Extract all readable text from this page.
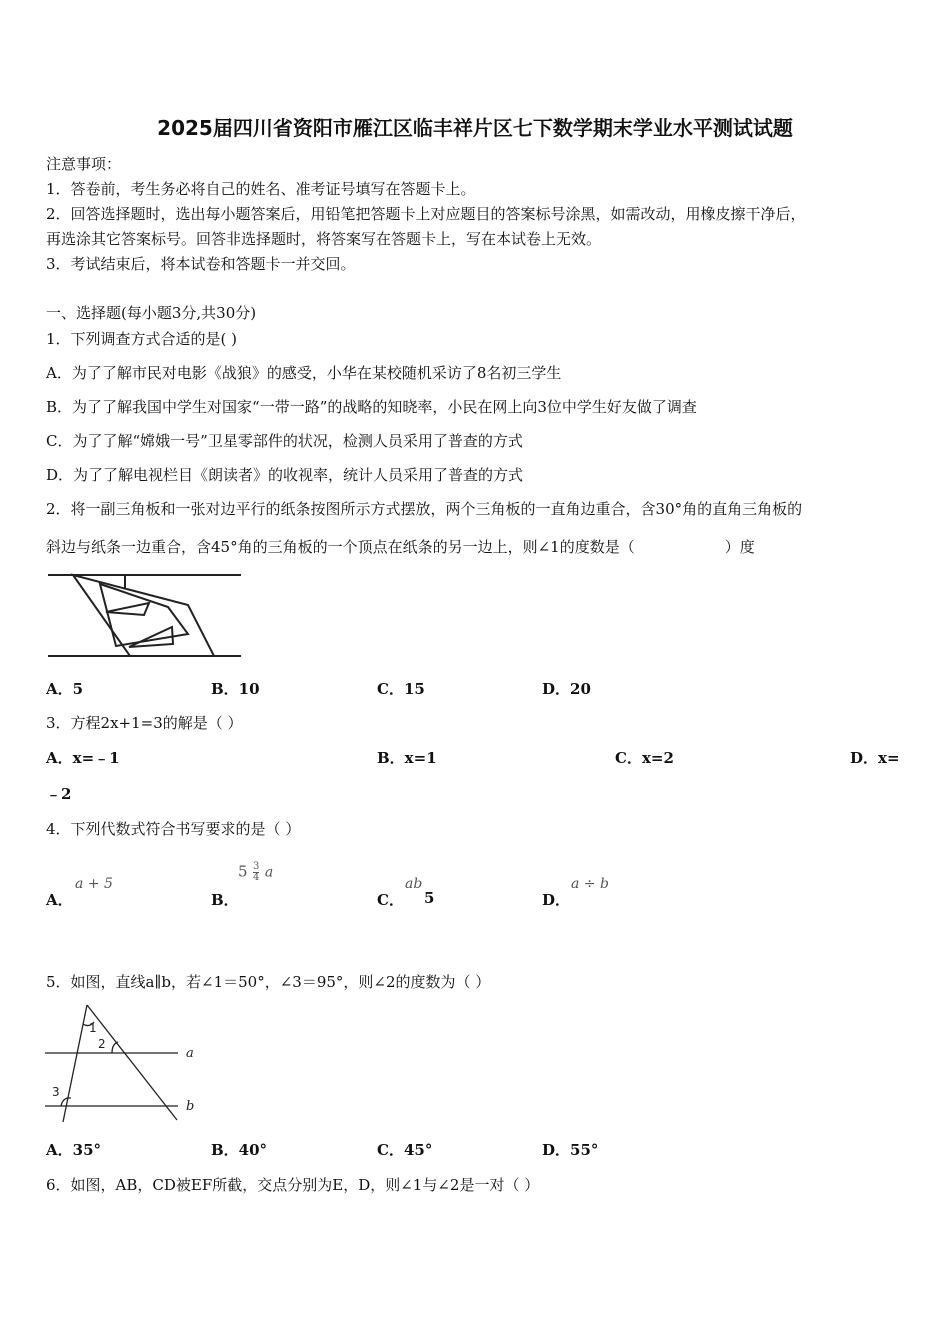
2025届四川省资阳市雁江区临丰祥片区七下数学期末学业水平测试试题
注意事项：
1．答卷前，考生务必将自己的姓名、准考证号填写在答题卡上。
2．回答选择题时，选出每小题答案后，用铅笔把答题卡上对应题目的答案标号涂黑，如需改动，用橡皮擦干净后，
再选涂其它答案标号。回答非选择题时，将答案写在答题卡上，写在本试卷上无效。
3．考试结束后，将本试卷和答题卡一并交回。
一、选择题(每小题3分,共30分)
1．下列调查方式合适的是( )
A．为了了解市民对电影《战狼》的感受，小华在某校随机采访了8名初三学生
B．为了了解我国中学生对国家“一带一路”的战略的知晓率，小民在网上向3位中学生好友做了调查
C．为了了解“嫦娥一号”卫星零部件的状况，检测人员采用了普查的方式
D．为了了解电视栏目《朗读者》的收视率，统计人员采用了普查的方式
2．将一副三角板和一张对边平行的纸条按图所示方式摆放，两个三角板的一直角边重合，含30°角的直角三角板的
斜边与纸条一边重合，含45°角的三角板的一个顶点在纸条的另一边上，则∠1的度数是（	）度
A．5	B．10	C．15	D．20
3．方程2x+1=3的解是（ ）
A．x=﹣1	B．x=1	C．x=2	D．x=
﹣2
4．下列代数式符合书写要求的是（ ）
A．
a + 5
B．
$5 \frac{3}{4}$ a
C．
ab
5	D．
a ÷ b
5．如图，直线a∥b，若∠1＝50°，∠3＝95°，则∠2的度数为（ ）
1
2
3
a
b
A．35°	B．40°	C．45°	D．55°
6．如图，AB，CD被EF所截，交点分别为E，D，则∠1与∠2是一对（ ）
